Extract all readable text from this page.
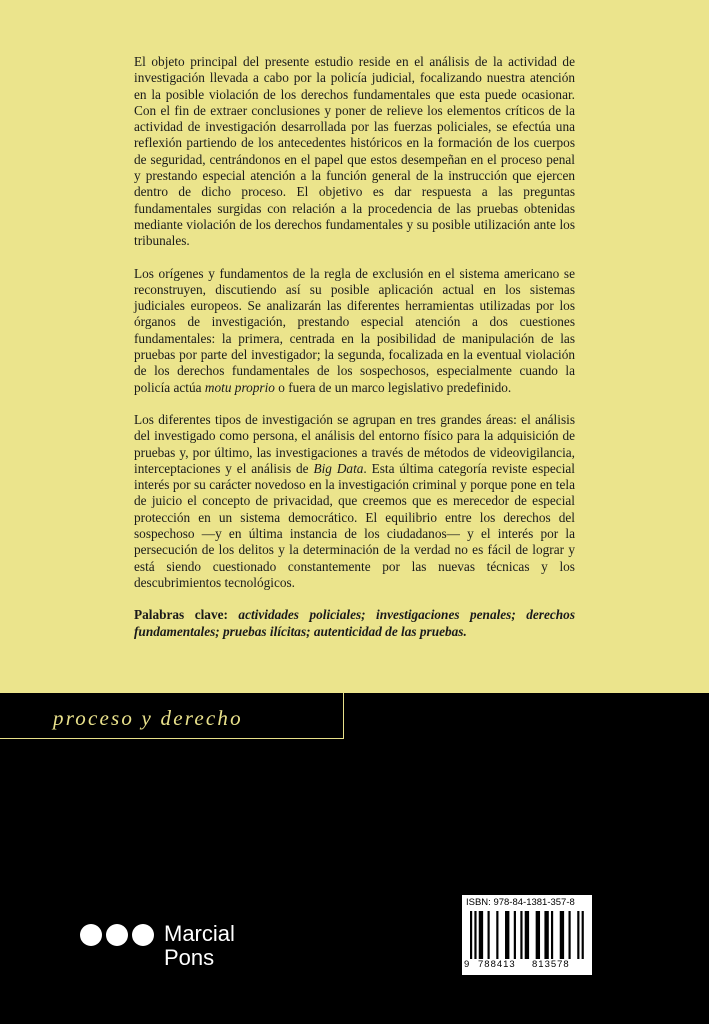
El objeto principal del presente estudio reside en el análisis de la actividad de investigación llevada a cabo por la policía judicial, focalizando nuestra atención en la posible violación de los derechos fundamentales que esta puede ocasionar. Con el fin de extraer conclusiones y poner de relieve los elementos críticos de la actividad de investigación desarrollada por las fuerzas policiales, se efectúa una reflexión partiendo de los antecedentes históricos en la formación de los cuerpos de seguridad, centrándonos en el papel que estos desempeñan en el proceso penal y prestando especial atención a la función general de la instrucción que ejercen dentro de dicho proceso. El objetivo es dar respuesta a las preguntas fundamentales surgidas con relación a la procedencia de las pruebas obtenidas mediante violación de los derechos fundamentales y su posible utilización ante los tribunales.

Los orígenes y fundamentos de la regla de exclusión en el sistema americano se reconstruyen, discutiendo así su posible aplicación actual en los sistemas judiciales europeos. Se analizarán las diferentes herramientas utilizadas por los órganos de investigación, prestando especial atención a dos cuestiones fundamentales: la primera, centrada en la posibilidad de manipulación de las pruebas por parte del investigador; la segunda, focalizada en la eventual violación de los derechos fundamentales de los sospechosos, especialmente cuando la policía actúa motu proprio o fuera de un marco legislativo predefinido.

Los diferentes tipos de investigación se agrupan en tres grandes áreas: el análisis del investigado como persona, el análisis del entorno físico para la adquisición de pruebas y, por último, las investigaciones a través de métodos de videovigilancia, interceptaciones y el análisis de Big Data. Esta última categoría reviste especial interés por su carácter novedoso en la investigación criminal y porque pone en tela de juicio el concepto de privacidad, que creemos que es merecedor de especial protección en un sistema democrático. El equilibrio entre los derechos del sospechoso —y en última instancia de los ciudadanos— y el interés por la persecución de los delitos y la determinación de la verdad no es fácil de lograr y está siendo cuestionado constantemente por las nuevas técnicas y los descubrimientos tecnológicos.

Palabras clave: actividades policiales; investigaciones penales; derechos fundamentales; pruebas ilícitas; autenticidad de las pruebas.

proceso y derecho
Marcial
Pons
ISBN: 978-84-1381-357-8
9 788413 813578
